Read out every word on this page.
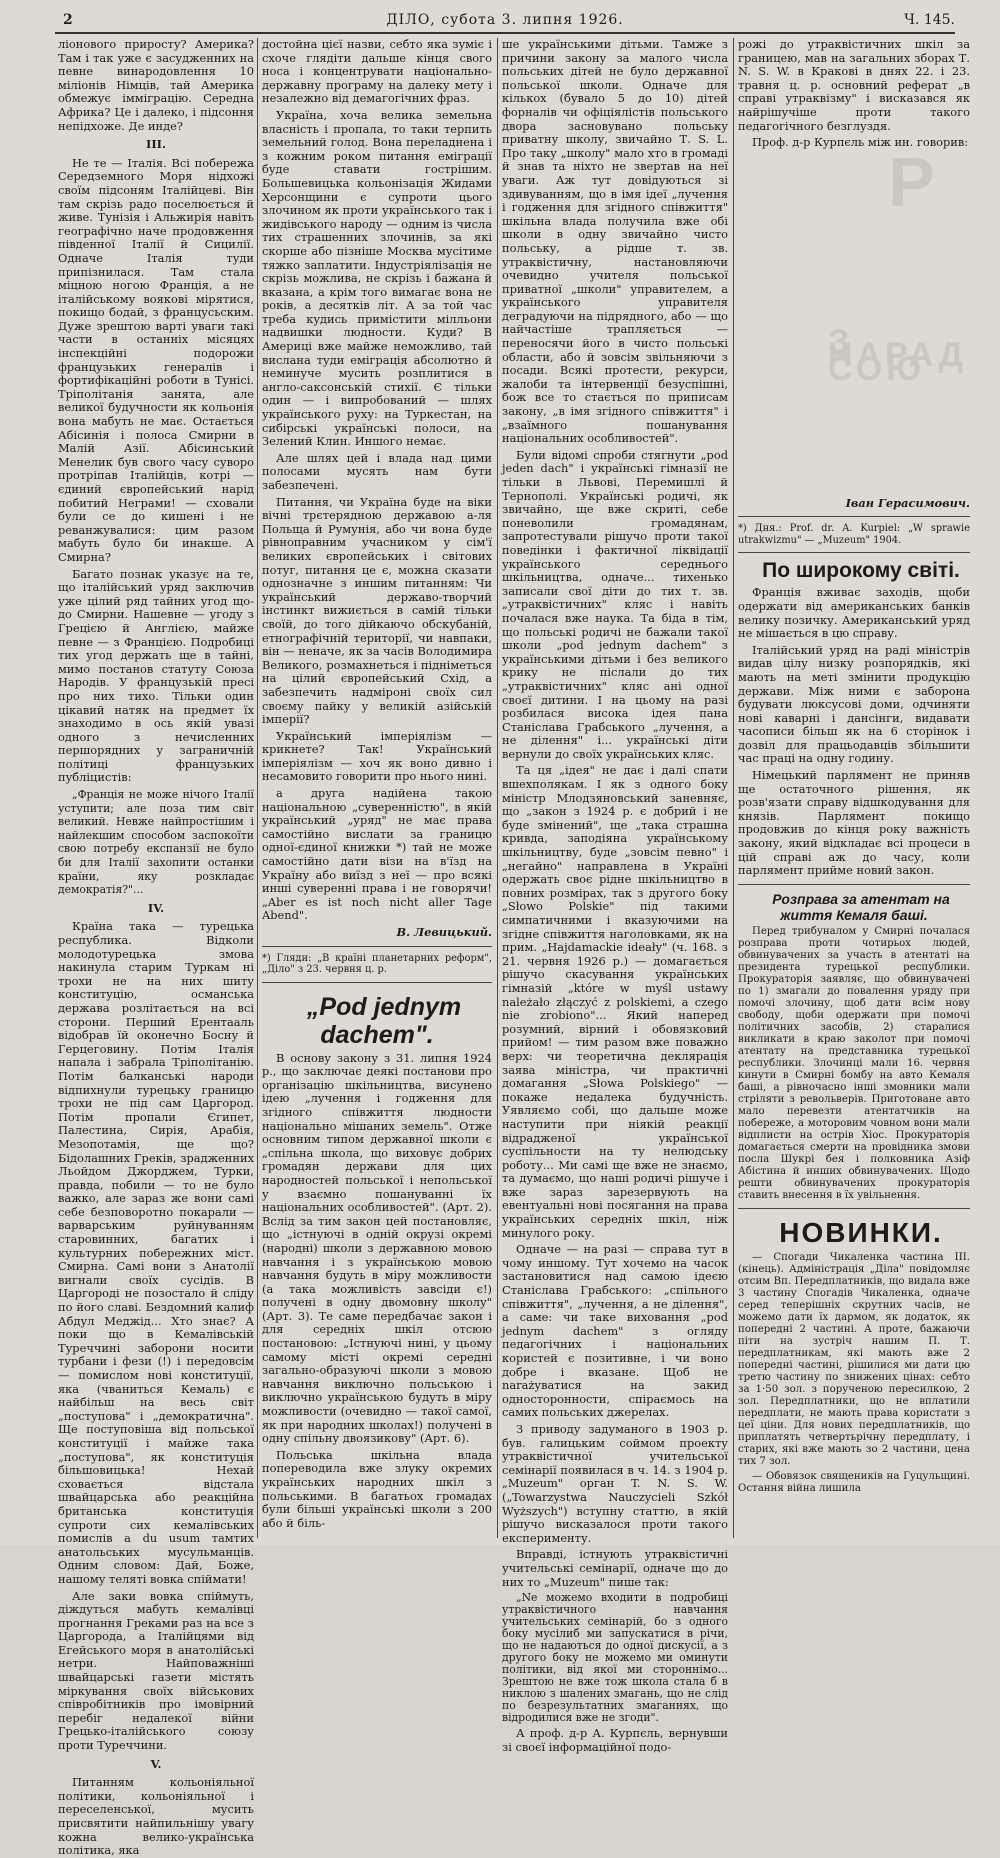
2	ДІЛО, субота 3. липня 1926.	Ч. 145.

ліонового приросту? Америка? Там і так уже є засудженних на певне винародовлення 10 мілiонів Німців, тай Америка обмежує імміграцію. Середна Африка? Це і далеко, і підсоння непідхоже. Де инде?

III.

Не те — Італія. Всі побережа Середземного Моря нідхожі своїм підсоням Італійцеві. Він там скрізь радо поселюється й живе. Тунізія і Альжирія навіть географічно наче продовження південної Італії й Сицилії. Одначе Італія туди припізнилася. Там стала міцною ногою Франція, а не італійському воякові мірятися, покищо бодай, з францусьским. Дуже зрештою варті уваги такі части в останніх місяцях інспекційні подорожи французьких генералів і фортифікаційні роботи в Тунісі. Тріполітанія занята, але великої будучности як кольонія вона мабуть не має. Остається Абісинія і полоса Смирни в Малій Азії. Абісинський Менелик був свого часу суворо протріпав Італійців, котрі — єдиний європейський нарід побитий Неграми! — сховали були се до кишені і не реванжувалися: цим разом мабуть було би инакше. А Смирна?

Багато познак указує на те, що італійський уряд заключив уже цілий ряд тайних угод що-до Смирни. Нашевне — угоду з Грецією й Англією, майже певне — з Францією. Подробиці тих угод держать ще в тайні, мимо постанов статуту Союза Народів. У французькій пресі про них тихо. Тільки один цікавий натяк на предмет їх знаходимо в ось якій увазі одного з нечисленних першорядних у заграничній політиці французьких публіцистів:

„Франція не може нічого Італії уступити; але поза тим світ великий. Невже найпростішим і найлекшим способом заспокоїти свою потребу експанзії не було би для Італії захопити останки країни, яку розкладає демократія?"...

IV.

Країна така — турецька республика. Відколи молодотурецька змова накинула старим Туркам ні трохи не на них шиту конституцію, османська держава розлітається на всі сторони. Перший Ерентааль відобрав їй оконечно Босну й Герцеговину. Потім Італія напала і забрала Тріполітанію. Потім балканські народи відпихнули турецьку границю трохи не під сам Царгород. Потім пропали Єгипет, Палестина, Сирія, Арабія, Мезопотамія, ще що? Бідолашних Греків, зрадженних Льойдом Джорджем, Турки, правда, побили — то не було важко, але зараз же вони самі себе безповоротно покарали — варварським руйнуванням старовинних, багатих і культурних побережних міст. Смирна. Самі вони з Анатолії вигнали своїх сусідів. В Царгороді не позостало й сліду по його славі. Бездомний калиф Абдул Меджід... Хто знає? А поки що в Кемалівській Туреччині заборони носити турбани і фези (!) і передовсім — помислом нові конституції, яка (чваниться Кемаль) є найбільш на весь світ „поступова" і „демократична". Ще поступовіша від польської конституції і майже така „поступова", як конституція більшовицька! Нехай сховається відстала швайцарська або реакційна британська конституція супроти сих кемалівських помислів а du usum тамтих анатольських мусульманців. Одним словом: Дай, Боже, нашому теляті вовка спіймати!

Але заки вовка спіймуть, діждуться мабуть кемалівці прогнання Греками раз на все з Царгорода, а Італійцями від Егейського моря в анатолійські нетри. Найповажніші швайцарські газети містять міркування своїх військових співробітників про імовірний перебіг недалекої війни Грецько-італійського союзу проти Туреччини.

V.

Питанням кольоніяльної політики, кольоніяльної і переселенської, мусить присвятити найпильнішу увагу кожна велико-українська політика, яка

достойна цієї назви, себто яка зуміє і схоче глядіти дальше кінця свого носа і концентрувати національно-державну програму на далеку мету і незалежно від демагогічних фраз.

Україна, хоча велика земельна власність і пропала, то таки терпить земельний голод. Вона переладнена і з кожним роком питання еміграції буде ставати гострішим. Большевицька кольонізація Жидами Херсонщини є супроти цього злочином як проти українського так і жидівського народу — одним із числа тих страшенних злочинів, за які скорше або пізніше Москва мусітиме тяжко заплатити. Індустріялізація не скрізь можлива, не скрізь і бажана й вказана, а крім того вимагає вона не років, а десятків літ. А за той час треба кудись примістити мілльони надвишки людности. Куди? В Америці вже майже неможливо, тай вислана туди еміграція абсолютно й неминуче мусить розплитися в англо-саксонській стихії. Є тільки один — і випробований — шлях українського руху: на Туркестан, на сибірські українські полоси, на Зелений Клин. Иншого немає.

Але шлях цей і влада над цими полосами мусять нам бути забезпечені.

Питання, чи Україна буде на віки вічні трєтерядною державою а-ля Польща й Румунія, або чи вона буде рівноправним учасником у сім'ї великих європейських і світових потуг, питання це є, можна сказати однозначне з иншим питанням: Чи український державо-творчий інстинкт вижиється в самій тільки своїй, до того дійкаючо обскубаній, етнографічній території, чи навпаки, він — неначе, як за часів Володимира Великого, розмахнеться і підніметься на цілий європейський Схід, а забезпечить надміроні своїх сил своєму пайку у великій азійській імперії?

Український імперіялізм — крикнете? Так! Український імперіялізм — хоч як воно дивно і несамовито говорити про нього нині.

а друга надійена такою національною „суверенністю", в якій український „уряд" не має права самостійно вислати за границю одної-єдиної книжки *) тай не може самостійно дати візи на в'їзд на Україну або виїзд з неї — про всякі инші суверенні права і не говорячи! „Aber es ist noch nicht aller Tage Abend".

В. Левицький.

*) Гляди: „В країні планетарних реформ", „Діло" з 23. червня ц. р.

„Pod jednym dachem".

В основу закону з 31. липня 1924 р., що заключає деякі постанови про організацію шкільництва, висунено ідею „лучення і годження для згідного співжиття людности національно мішаних земель". Отже основним типом державної школи є „спільна школа, що виховує добрих громадян держави для цих народностей польської і непольської у взаємно пошануванні їх національних особливостей". (Арт. 2). Вслід за тим закон цей постановляє, що „істнуючі в одній окрузі окремі (народні) школи з державною мовою навчання і з українською мовою навчання будуть в міру можливости (а така можливість завсіди є!) получені в одну двомовну школу" (Арт. 3). Те саме передбачає закон і для середніх шкіл отсюю постановою: „Істнуючі нині, у цьому самому місті окремі середні загально-образуючі школи з мовою навчання виключно польською і виключно українською будуть в міру можливости (очевидно — такої самої, як при народних школах!) получені в одну спільну двоязикову" (Арт. 6).

Польська шкільна влада попереводила вже злуку окремих українських народних шкіл з польськими. В багатьох громадах були більші українські школи з 200 або й біль-

ше українськими дітьми. Тамже з причини закону за малого числа польських дітей не було державної польської школи. Одначе для кількох (бувало 5 до 10) дітей форналів чи офіціялістів польського двора засновувано польську приватну школу, звичайно Т. S. L. Про таку „школу" мало хто в громаді й знав та ніхто не звертав на неї уваги. Аж тут довідуються зі здивуванням, що в імя ідеї „лучення і годження для згідного співжиття" шкільна влада получила вже обі школи в одну звичайно чисто польську, а рідше т. зв. утраквістичну, настановляючи очевидно учителя польської приватної „школи" управителем, а українського управителя деградуючи на підрядного, або — що найчастіше трапляється — переносячи його в чисто польські области, або й зовсім звільняючи з посади. Всякі протести, рекурси, жалоби та інтервенції безуспішні, бож все то стається по приписам закону, „в імя згідного співжиття" і „взаїмного пошанування національних особливостей".

Були відомі спроби стягнути „pod jeden dach" і українські гімназії не тільки в Львові, Перемишлі й Тернополі. Українські родичі, як звичайно, ще вже скриті, себе поневолили громадянам, запротестували рішучо проти такої поведінки і фактичної ліквідації українського середнього шкільництва, одначе... тихенько записали свої діти до тих т. зв. „утраквістичних" кляс і навіть почалася вже наука. Та біда в тім, що польські родичі не бажали такої школи „pod jednym dachem" з українськими дітьми і без великого крику не післали до тих „утраквістичних" кляс ані одної своєї дитини. І на цьому на разі розбилася висока ідея пана Станіслава Грабського „лучення, а не ділення" і... українські діти вернули до своїх українських кляс.

Та ця „ідея" не дає і далі спати вшехполякам. І як з одного боку міністр Млодзяновський заневняє, що „закон з 1924 р. є добрий і не буде змінений", ще „така страшна кривда, заподіяна українському шкільництву, буде „зовсім певно" і „негайно" направлена в Україні одержать своє рідне шкільництво в повних розмірах, так з другого боку „Słowo Polskie" під такими симпатичними і вказуючими на згідне співжиття наголовками, як на прим. „Hajdamackie ideały" (ч. 168. з 21. червня 1926 р.) — домагається рішучо скасування українських гімназій „które w myśl ustawy należało złączyć z polskiemi, a czego nie zrobiono"... Який наперед розумний, вірний і обовязковий прийом! — тим разом вже поважно верх: чи теоретична деклярація заява міністра, чи практичні домагання „Słowa Polskiego" — покаже недалека будучність. Уявляємо собі, що дальше може наступити при ніякій реакції відрадженої української суспільности на ту нелюдську роботу... Ми самі ще вже не знаємо, та думаємо, що наші родичі рішуче і вже зараз зарезервують на евентуальні нові посягання на права українських середніх шкіл, ніж минулого року.

Одначе — на разі — справа тут в чому иншому. Тут хочемо на часок застановитися над самою ідеєю Станіслава Грабського: „спільного співжиття", „лучення, а не ділення", а саме: чи таке виховання „pod jednym dachem" з огляду педагогічних і національних користей є позитивне, і чи воно добре і вказане. Щоб не narażуватися на закид односторонности, спіраємось на самих польських джерелах.

З приводу задуманого в 1903 р. був. галицьким соймом проекту утраквістичної учительської семінарії появилася в ч. 14. з 1904 р. „Muzeum" орган T. N. S. W. („Towarzystwa Nauczycieli Szkół Wyższych") вступну статтю, в якій рішучо висказалося проти такого експерименту.

Вправді, істнують утраквістичні учительські семінарії, одначе що до них то „Muzeum" пише так:

„Ne можемо входити в подробиці утраквістичного навчання учительських семінарій, бо з одного боку мусілиб ми запускатися в річи, що не надаються до одної дискусії, а з другого боку не можемо ми оминути політики, від якої ми стороннімо... Зрештою не вже тож школа стала б в никлою з шалених змагань, що не слід по безрезультатних змаганнях, що відродилися вже не згоди".

А проф. д-р А. Курпєль, вернувши зі своєї інформаційної подо-

рожі до утраквістичних шкіл за границею, мав на загальних зборах Т. N. S. W. в Кракові в днях 22. і 23. травня ц. р. основний реферат „в справі утраквізму" і висказався як найрішучіше проти такого педагогічного безглуздя.

Проф. д-р Курпєль між ин. говорив:

Р
З НАРАД СОЮ

Іван Герасимович.

*) Дня.: Prof. dr. A. Kurpiel: „W sprawie utrakwizmu" — „Muzeum" 1904.

По широкому світі.

Франція вживає заходів, щоби одержати від американських банків велику позичку. Американський уряд не мішається в цю справу.

Італійський уряд на раді міністрів видав цілу низку розпорядків, які мають на меті змінити продукцію держави. Між ними є заборона будувати люксусові доми, одчиняти нові каварні і дансінги, видавати часописи більш як на 6 сторінок і дозвіл для працьодавців збільшити час праці на одну годину.

Німецький парлямент не приняв ще остаточного рішення, як розв'язати справу відшкодування для князів. Парлямент покищо продовжив до кінця року важність закону, який відкладає всі процеси в цій справі аж до часу, коли парлямент прийме новий закон.

Розправа за атентат на життя Кемаля баші.

Перед трибуналом у Смирні почалася розправа проти чотирьох людей, обвинувачених за участь в атентаті на президента турецької республики. Прокураторія заявляє, що обвинувачені по 1) змагали до повалення уряду при помочі злочину, щоб дати всім нову свободу, щоби одержати при помочі політичних засобів, 2) старалися викликати в краю заколот при помочі атентату на представника турецької республики. Злочинці мали 16. червня кинути в Смирні бомбу на авто Кемаля баші, а рівночасно інші змовники мали стріляти з револьверів. Приготоване авто мало перевезти атентатчиків на побереже, а моторовим човном вони мали відплисти на острів Хіос. Прокураторія домагається смерти на провідника змови посла Шукрі бея і полковника Азіф Абістина й инших обвинувачених. Щодо решти обвинувачених прокураторія ставить внесення в їх увільнення.

НОВИНКИ.

— Спогади Чикаленка частина III. (кінець). Адміністрація „Діла" повідомляє отсим Вп. Передплатників, що видала вже 3 частину Спогадів Чикаленка, одначе серед теперішніх скрутних часів, не можемо дати їх дармом, як додаток, як попередні 2 частині. А проте, бажаючи піти на зустріч нашим П. Т. передплатникам, які мають вже 2 попередні частині, рішилися ми дати цю третю частину по знижених цінах: себто за 1·50 зол. з порученою пересилкою, 2 зол. Передплатники, що не вплатили передплати, не мають права користати з цеї ціни. Для нових передплатників, що приплатять четвертьрічну передплату, і старих, які вже мають зо 2 частини, цена тих 7 зол.

— Обовязок священиків на Гуцульщині. Остання війна лишила
